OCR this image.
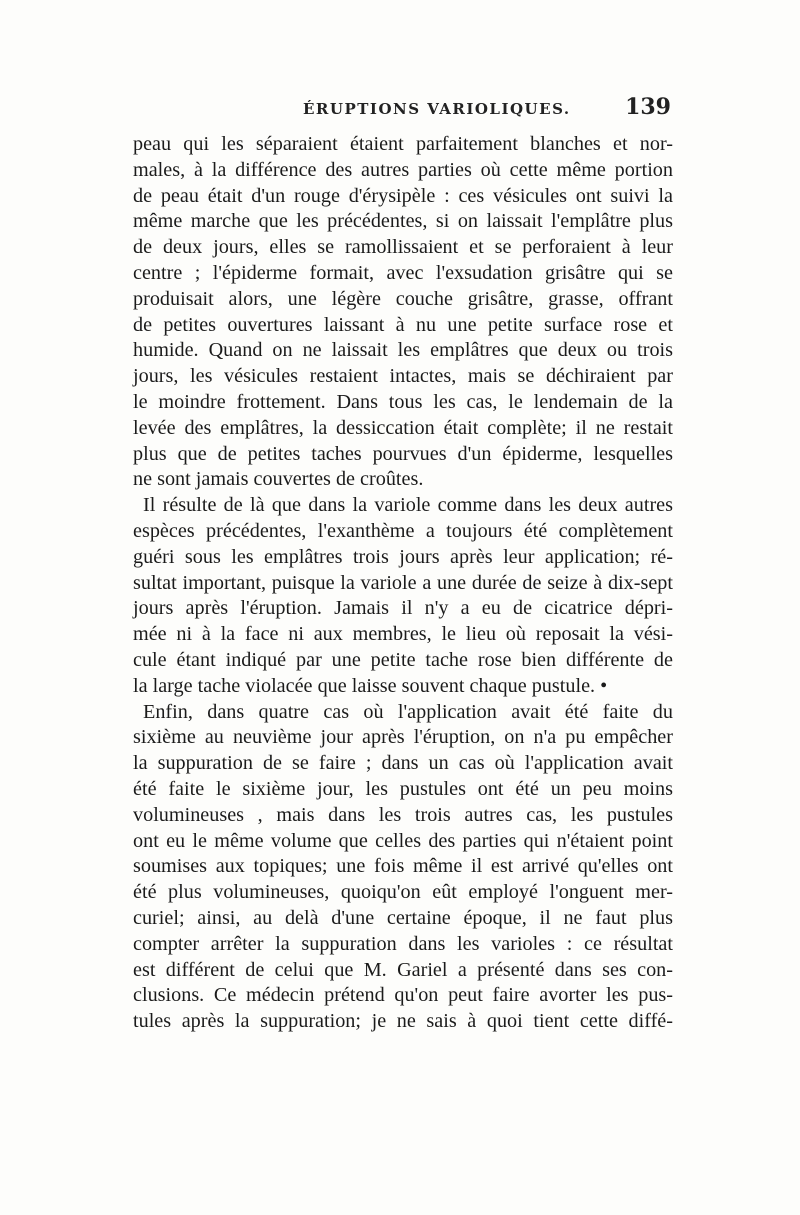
ÉRUPTIONS VARIOLIQUES. 139
peau qui les séparaient étaient parfaitement blanches et nor-
males, à la différence des autres parties où cette même portion
de peau était d'un rouge d'érysipèle : ces vésicules ont suivi la
même marche que les précédentes, si on laissait l'emplâtre plus
de deux jours, elles se ramollissaient et se perforaient à leur
centre ; l'épiderme formait, avec l'exsudation grisâtre qui se
produisait alors, une légère couche grisâtre, grasse, offrant
de petites ouvertures laissant à nu une petite surface rose et
humide. Quand on ne laissait les emplâtres que deux ou trois
jours, les vésicules restaient intactes, mais se déchiraient par
le moindre frottement. Dans tous les cas, le lendemain de la
levée des emplâtres, la dessiccation était complète; il ne restait
plus que de petites taches pourvues d'un épiderme, lesquelles
ne sont jamais couvertes de croûtes.
Il résulte de là que dans la variole comme dans les deux autres
espèces précédentes, l'exanthème a toujours été complètement
guéri sous les emplâtres trois jours après leur application; ré-
sultat important, puisque la variole a une durée de seize à dix-sept
jours après l'éruption. Jamais il n'y a eu de cicatrice dépri-
mée ni à la face ni aux membres, le lieu où reposait la vési-
cule étant indiqué par une petite tache rose bien différente de
la large tache violacée que laisse souvent chaque pustule. •
Enfin, dans quatre cas où l'application avait été faite du
sixième au neuvième jour après l'éruption, on n'a pu empêcher
la suppuration de se faire ; dans un cas où l'application avait
été faite le sixième jour, les pustules ont été un peu moins
volumineuses , mais dans les trois autres cas, les pustules
ont eu le même volume que celles des parties qui n'étaient point
soumises aux topiques; une fois même il est arrivé qu'elles ont
été plus volumineuses, quoiqu'on eût employé l'onguent mer-
curiel; ainsi, au delà d'une certaine époque, il ne faut plus
compter arrêter la suppuration dans les varioles : ce résultat
est différent de celui que M. Gariel a présenté dans ses con-
clusions. Ce médecin prétend qu'on peut faire avorter les pus-
tules après la suppuration; je ne sais à quoi tient cette diffé-
